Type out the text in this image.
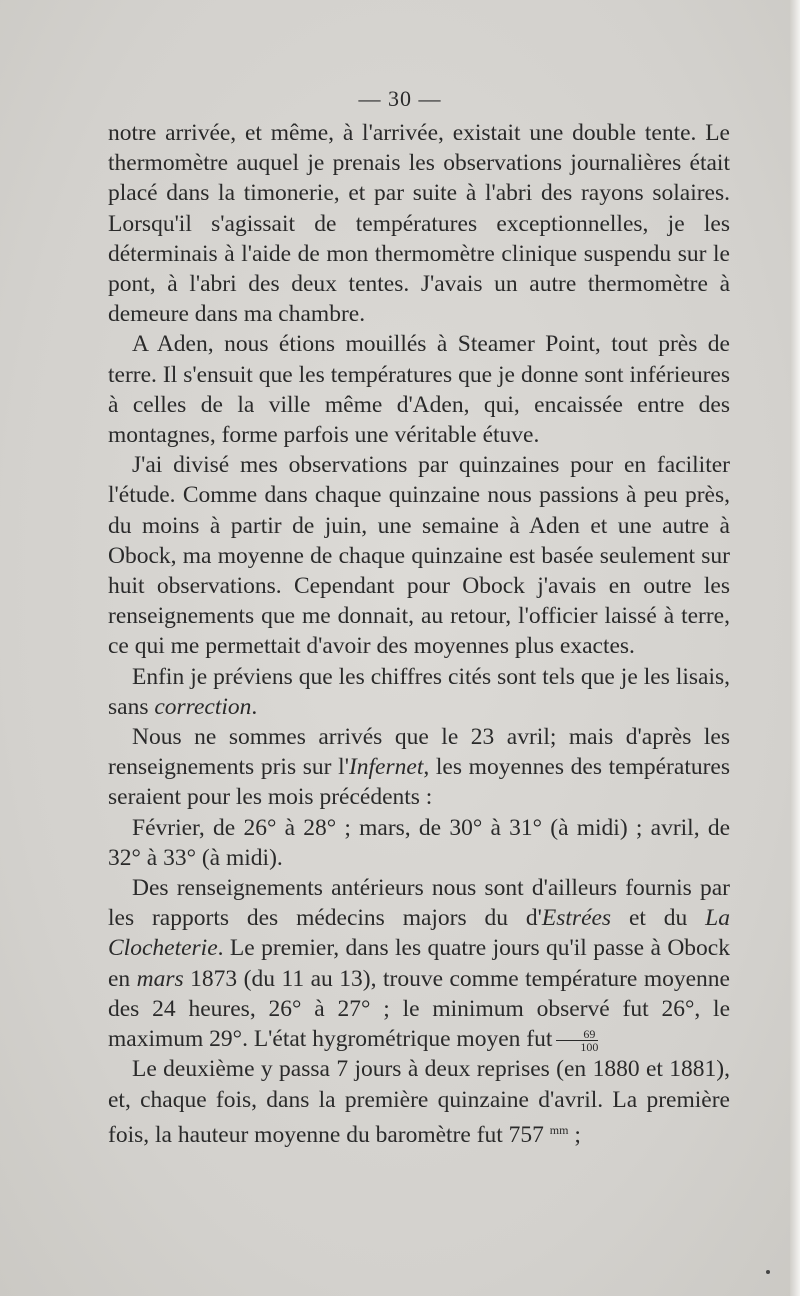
— 30 —

notre arrivée, et même, à l'arrivée, existait une double tente. Le thermomètre auquel je prenais les observations journalières était placé dans la timonerie, et par suite à l'abri des rayons solaires. Lorsqu'il s'agissait de températures exceptionnelles, je les déterminais à l'aide de mon thermomètre clinique suspendu sur le pont, à l'abri des deux tentes. J'avais un autre thermomètre à demeure dans ma chambre.

A Aden, nous étions mouillés à Steamer Point, tout près de terre. Il s'ensuit que les températures que je donne sont inférieures à celles de la ville même d'Aden, qui, encaissée entre des montagnes, forme parfois une véritable étuve.

J'ai divisé mes observations par quinzaines pour en faciliter l'étude. Comme dans chaque quinzaine nous passions à peu près, du moins à partir de juin, une semaine à Aden et une autre à Obock, ma moyenne de chaque quinzaine est basée seulement sur huit observations. Cependant pour Obock j'avais en outre les renseignements que me donnait, au retour, l'officier laissé à terre, ce qui me permettait d'avoir des moyennes plus exactes.

Enfin je préviens que les chiffres cités sont tels que je les lisais, sans correction.

Nous ne sommes arrivés que le 23 avril; mais d'après les renseignements pris sur l'Infernet, les moyennes des températures seraient pour les mois précédents :

Février, de 26° à 28° ; mars, de 30° à 31° (à midi) ; avril, de 32° à 33° (à midi).

Des renseignements antérieurs nous sont d'ailleurs fournis par les rapports des médecins majors du d'Estrées et du La Clocheterie. Le premier, dans les quatre jours qu'il passe à Obock en mars 1873 (du 11 au 13), trouve comme température moyenne des 24 heures, 26° à 27° ; le minimum observé fut 26°, le maximum 29°. L'état hygrométrique moyen fut $\frac{69}{100}$

Le deuxième y passa 7 jours à deux reprises (en 1880 et 1881), et, chaque fois, dans la première quinzaine d'avril. La première fois, la hauteur moyenne du baromètre fut 757 $^{mm}$ ;
